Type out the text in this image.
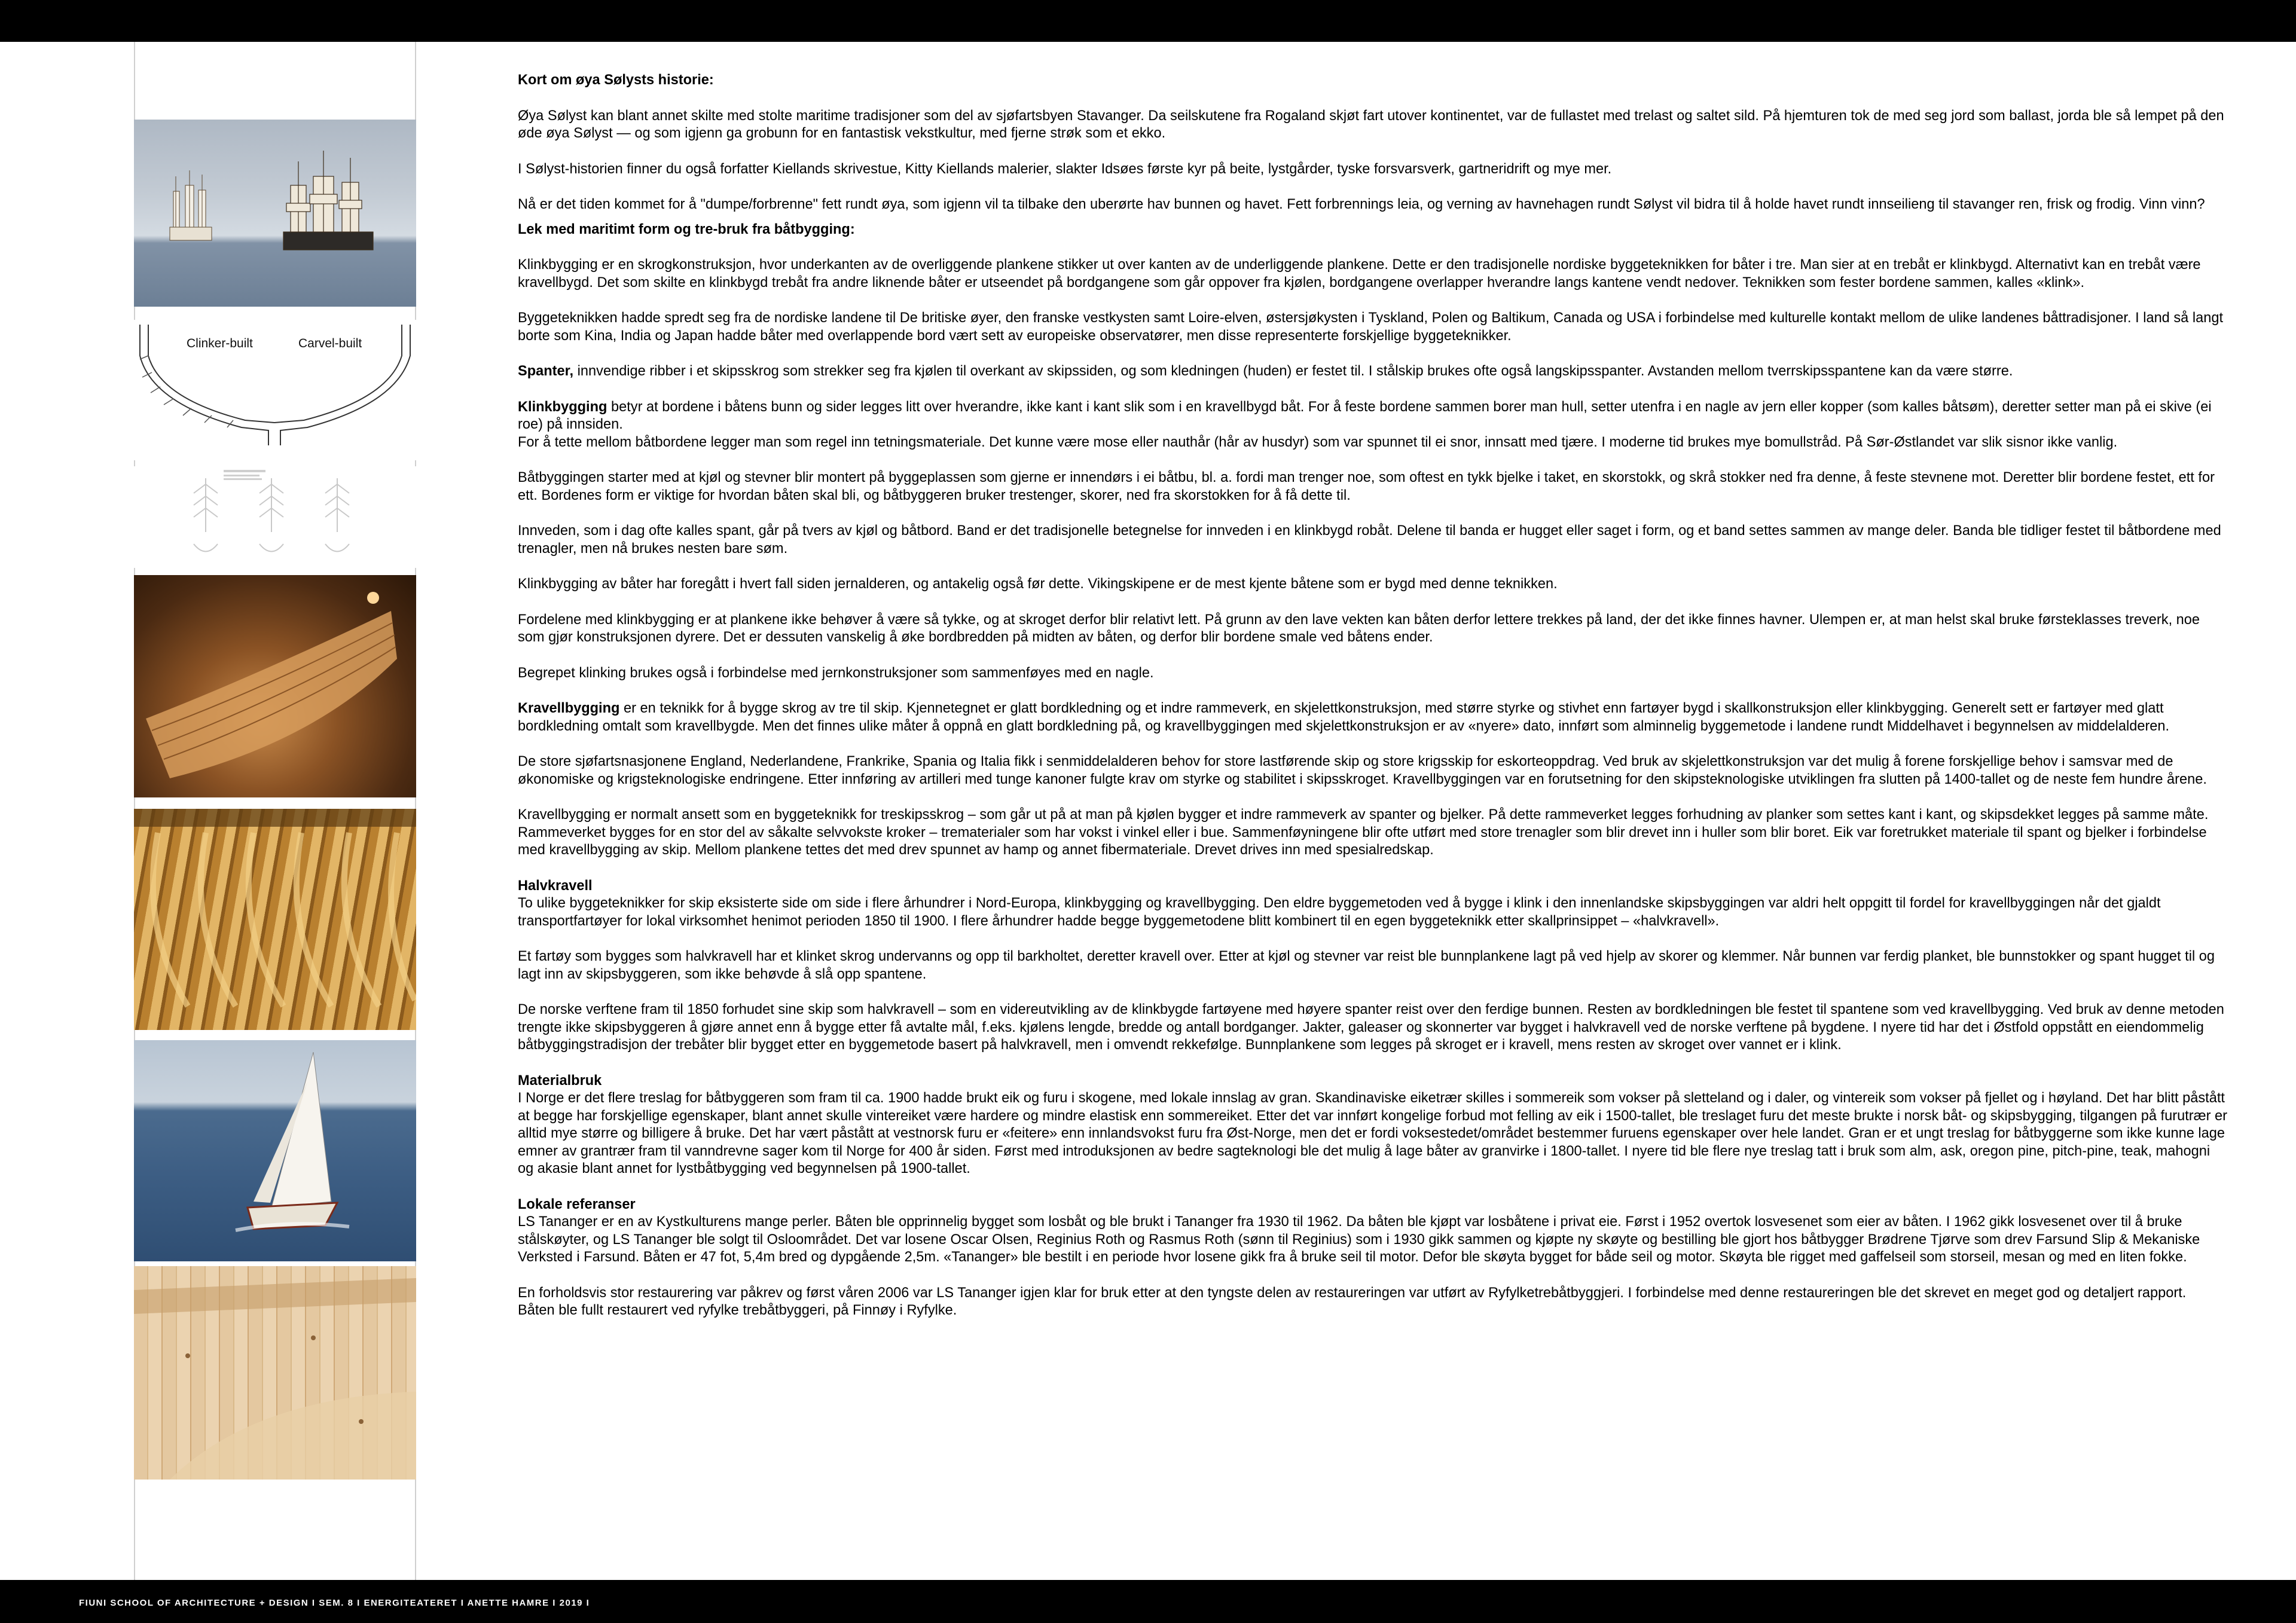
Clinker-built	Carvel-built
Kort om øya Sølysts historie:

Øya Sølyst kan blant annet skilte med stolte maritime tradisjoner som del av sjøfartsbyen Stavanger. Da seilskutene fra Rogaland skjøt fart utover kontinentet, var de fullastet med trelast og saltet sild. På hjemturen tok de med seg jord som ballast, jorda ble så lempet på den øde øya Sølyst — og som igjenn ga grobunn for en fantastisk vekstkultur, med fjerne strøk som et ekko.

I Sølyst-historien finner du også forfatter Kiellands skrivestue, Kitty Kiellands malerier, slakter Idsøes første kyr på beite, lystgårder, tyske forsvarsverk, gartneridrift og mye mer.

Nå er det tiden kommet for å "dumpe/forbrenne" fett rundt øya, som igjenn vil ta tilbake den uberørte hav bunnen og havet. Fett forbrennings leia, og verning av havnehagen rundt Sølyst vil bidra til å holde havet rundt innseilieng til stavanger ren, frisk og frodig. Vinn vinn?

Lek med maritimt form og tre-bruk fra båtbygging:

Klinkbygging er en skrogkonstruksjon, hvor underkanten av de overliggende plankene stikker ut over kanten av de underliggende plankene. Dette er den tradisjonelle nordiske byggeteknikken for båter i tre. Man sier at en trebåt er klinkbygd. Alternativt kan en trebåt være kravellbygd. Det som skilte en klinkbygd trebåt fra andre liknende båter er utseendet på bordgangene som går oppover fra kjølen, bordgangene overlapper hverandre langs kantene vendt nedover. Teknikken som fester bordene sammen, kalles «klink».

Byggeteknikken hadde spredt seg fra de nordiske landene til De britiske øyer, den franske vestkysten samt Loire-elven, østersjøkysten i Tyskland, Polen og Baltikum, Canada og USA i forbindelse med kulturelle kontakt mellom de ulike landenes båttradisjoner. I land så langt borte som Kina, India og Japan hadde båter med overlappende bord vært sett av europeiske observatører, men disse representerte forskjellige byggeteknikker.

Spanter, innvendige ribber i et skipsskrog som strekker seg fra kjølen til overkant av skipssiden, og som kledningen (huden) er festet til. I stålskip brukes ofte også langskipsspanter. Avstanden mellom tverrskipsspantene kan da være større.

Klinkbygging betyr at bordene i båtens bunn og sider legges litt over hverandre, ikke kant i kant slik som i en kravellbygd båt. For å feste bordene sammen borer man hull, setter utenfra i en nagle av jern eller kopper (som kalles båtsøm), deretter setter man på ei skive (ei roe) på innsiden.

For å tette mellom båtbordene legger man som regel inn tetningsmateriale. Det kunne være mose eller nauthår (hår av husdyr) som var spunnet til ei snor, innsatt med tjære. I moderne tid brukes mye bomullstråd. På Sør-Østlandet var slik sisnor ikke vanlig.

Båtbyggingen starter med at kjøl og stevner blir montert på byggeplassen som gjerne er innendørs i ei båtbu, bl. a. fordi man trenger noe, som oftest en tykk bjelke i taket, en skorstokk, og skrå stokker ned fra denne, å feste stevnene mot. Deretter blir bordene festet, ett for ett. Bordenes form er viktige for hvordan båten skal bli, og båtbyggeren bruker trestenger, skorer, ned fra skorstokken for å få dette til.

Innveden, som i dag ofte kalles spant, går på tvers av kjøl og båtbord. Band er det tradisjonelle betegnelse for innveden i en klinkbygd robåt. Delene til banda er hugget eller saget i form, og et band settes sammen av mange deler. Banda ble tidliger festet til båtbordene med trenagler, men nå brukes nesten bare søm.

Klinkbygging av båter har foregått i hvert fall siden jernalderen, og antakelig også før dette. Vikingskipene er de mest kjente båtene som er bygd med denne teknikken.

Fordelene med klinkbygging er at plankene ikke behøver å være så tykke, og at skroget derfor blir relativt lett. På grunn av den lave vekten kan båten derfor lettere trekkes på land, der det ikke finnes havner. Ulempen er, at man helst skal bruke førsteklasses treverk, noe som gjør konstruksjonen dyrere. Det er dessuten vanskelig å øke bordbredden på midten av båten, og derfor blir bordene smale ved båtens ender.

Begrepet klinking brukes også i forbindelse med jernkonstruksjoner som sammenføyes med en nagle.

Kravellbygging er en teknikk for å bygge skrog av tre til skip. Kjennetegnet er glatt bordkledning og et indre rammeverk, en skjelettkonstruksjon, med større styrke og stivhet enn fartøyer bygd i skallkonstruksjon eller klinkbygging. Generelt sett er fartøyer med glatt bordkledning omtalt som kravellbygde. Men det finnes ulike måter å oppnå en glatt bordkledning på, og kravellbyggingen med skjelettkonstruksjon er av «nyere» dato, innført som alminnelig byggemetode i landene rundt Middelhavet i begynnelsen av middelalderen.

De store sjøfartsnasjonene England, Nederlandene, Frankrike, Spania og Italia fikk i senmiddelalderen behov for store lastførende skip og store krigsskip for eskorteoppdrag. Ved bruk av skjelettkonstruksjon var det mulig å forene forskjellige behov i samsvar med de økonomiske og krigsteknologiske endringene. Etter innføring av artilleri med tunge kanoner fulgte krav om styrke og stabilitet i skipsskroget. Kravellbyggingen var en forutsetning for den skipsteknologiske utviklingen fra slutten på 1400-tallet og de neste fem hundre årene.

Kravellbygging er normalt ansett som en byggeteknikk for treskipsskrog – som går ut på at man på kjølen bygger et indre rammeverk av spanter og bjelker. På dette rammeverket legges forhudning av planker som settes kant i kant, og skipsdekket legges på samme måte. Rammeverket bygges for en stor del av såkalte selvvokste kroker – trematerialer som har vokst i vinkel eller i bue. Sammenføyningene blir ofte utført med store trenagler som blir drevet inn i huller som blir boret. Eik var foretrukket materiale til spant og bjelker i forbindelse med kravellbygging av skip. Mellom plankene tettes det med drev spunnet av hamp og annet fibermateriale. Drevet drives inn med spesialredskap.

Halvkravell

To ulike byggeteknikker for skip eksisterte side om side i flere århundrer i Nord-Europa, klinkbygging og kravellbygging. Den eldre byggemetoden ved å bygge i klink i den innenlandske skipsbyggingen var aldri helt oppgitt til fordel for kravellbyggingen når det gjaldt transportfartøyer for lokal virksomhet henimot perioden 1850 til 1900. I flere århundrer hadde begge byggemetodene blitt kombinert til en egen byggeteknikk etter skallprinsippet – «halvkravell».

Et fartøy som bygges som halvkravell har et klinket skrog undervanns og opp til barkholtet, deretter kravell over. Etter at kjøl og stevner var reist ble bunnplankene lagt på ved hjelp av skorer og klemmer. Når bunnen var ferdig planket, ble bunnstokker og spant hugget til og lagt inn av skipsbyggeren, som ikke behøvde å slå opp spantene.

De norske verftene fram til 1850 forhudet sine skip som halvkravell – som en videreutvikling av de klinkbygde fartøyene med høyere spanter reist over den ferdige bunnen. Resten av bordkledningen ble festet til spantene som ved kravellbygging. Ved bruk av denne metoden trengte ikke skipsbyggeren å gjøre annet enn å bygge etter få avtalte mål, f.eks. kjølens lengde, bredde og antall bordganger. Jakter, galeaser og skonnerter var bygget i halvkravell ved de norske verftene på bygdene. I nyere tid har det i Østfold oppstått en eiendommelig båtbyggingstradisjon der trebåter blir bygget etter en byggemetode basert på halvkravell, men i omvendt rekkefølge. Bunnplankene som legges på skroget er i kravell, mens resten av skroget over vannet er i klink.

Materialbruk

I Norge er det flere treslag for båtbyggeren som fram til ca. 1900 hadde brukt eik og furu i skogene, med lokale innslag av gran. Skandinaviske eiketrær skilles i sommereik som vokser på sletteland og i daler, og vintereik som vokser på fjellet og i høyland. Det har blitt påstått at begge har forskjellige egenskaper, blant annet skulle vintereiket være hardere og mindre elastisk enn sommereiket. Etter det var innført kongelige forbud mot felling av eik i 1500-tallet, ble treslaget furu det meste brukte i norsk båt- og skipsbygging, tilgangen på furutrær er alltid mye større og billigere å bruke. Det har vært påstått at vestnorsk furu er «feitere» enn innlandsvokst furu fra Øst-Norge, men det er fordi voksestedet/området bestemmer furuens egenskaper over hele landet. Gran er et ungt treslag for båtbyggerne som ikke kunne lage emner av grantrær fram til vanndrevne sager kom til Norge for 400 år siden. Først med introduksjonen av bedre sagteknologi ble det mulig å lage båter av granvirke i 1800-tallet. I nyere tid ble flere nye treslag tatt i bruk som alm, ask, oregon pine, pitch-pine, teak, mahogni og akasie blant annet for lystbåtbygging ved begynnelsen på 1900-tallet.

Lokale referanser

LS Tananger er en av Kystkulturens mange perler. Båten ble opprinnelig bygget som losbåt og ble brukt i Tananger fra 1930 til 1962. Da båten ble kjøpt var losbåtene i privat eie. Først i 1952 overtok losvesenet som eier av båten. I 1962 gikk losvesenet over til å bruke stålskøyter, og LS Tananger ble solgt til Osloområdet. Det var losene Oscar Olsen, Reginius Roth og Rasmus Roth (sønn til Reginius) som i 1930 gikk sammen og kjøpte ny skøyte og bestilling ble gjort hos båtbygger Brødrene Tjørve som drev Farsund Slip & Mekaniske Verksted i Farsund. Båten er 47 fot, 5,4m bred og dypgående 2,5m. «Tananger» ble bestilt i en periode hvor losene gikk fra å bruke seil til motor. Defor ble skøyta bygget for både seil og motor. Skøyta ble rigget med gaffelseil som storseil, mesan og med en liten fokke.

En forholdsvis stor restaurering var påkrev og først våren 2006 var LS Tananger igjen klar for bruk etter at den tyngste delen av restaureringen var utført av Ryfylketrebåtbyggjeri. I forbindelse med denne restaureringen ble det skrevet en meget god og detaljert rapport.

Båten ble fullt restaurert ved ryfylke trebåtbyggeri, på Finnøy i Ryfylke.

FIUNI SCHOOL OF ARCHITECTURE + DESIGN I SEM. 8 I ENERGITEATERET I ANETTE HAMRE I 2019 I
